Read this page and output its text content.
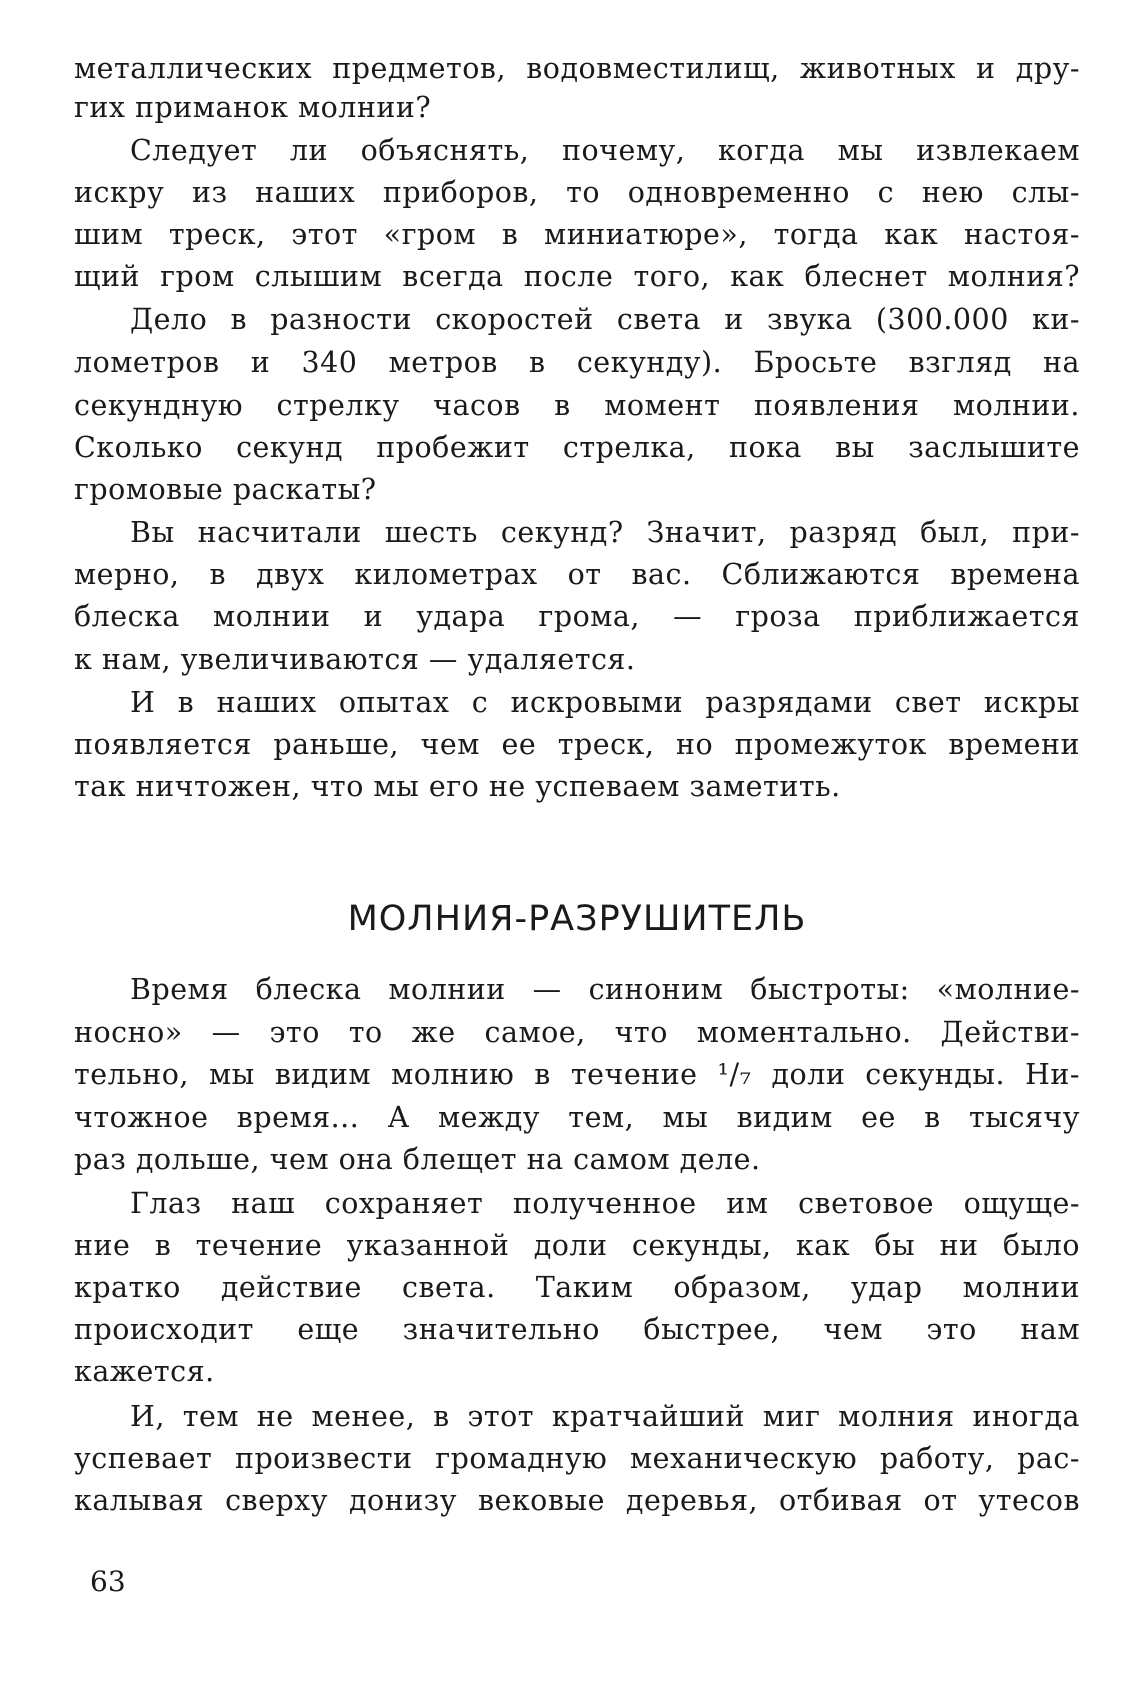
металлических предметов, водовместилищ, животных и дру-
гих приманок молнии?
Следует ли объяснять, почему, когда мы извлекаем
искру из наших приборов, то одновременно с нею слы-
шим треск, этот «гром в миниатюре», тогда как настоя-
щий гром слышим всегда после того, как блеснет молния?
Дело в разности скоростей света и звука (300.000 ки-
лометров и 340 метров в секунду). Бросьте взгляд на
секундную стрелку часов в момент появления молнии.
Сколько секунд пробежит стрелка, пока вы заслышите
громовые раскаты?
Вы насчитали шесть секунд? Значит, разряд был, при-
мерно, в двух километрах от вас. Сближаются времена
блеска молнии и удара грома, — гроза приближается
к нам, увеличиваются — удаляется.
И в наших опытах с искровыми разрядами свет искры
появляется раньше, чем ее треск, но промежуток времени
так ничтожен, что мы его не успеваем заметить.
МОЛНИЯ-РАЗРУШИТЕЛЬ
Время блеска молнии — синоним быстроты: «молние-
носно» — это то же самое, что моментально. Действи-
тельно, мы видим молнию в течение ¹/₇ доли секунды. Ни-
чтожное время... А между тем, мы видим ее в тысячу
раз дольше, чем она блещет на самом деле.
Глаз наш сохраняет полученное им световое ощуще-
ние в течение указанной доли секунды, как бы ни было
кратко действие света. Таким образом, удар молнии
происходит еще значительно быстрее, чем это нам
кажется.
И, тем не менее, в этот кратчайший миг молния иногда
успевает произвести громадную механическую работу, рас-
калывая сверху донизу вековые деревья, отбивая от утесов
63
